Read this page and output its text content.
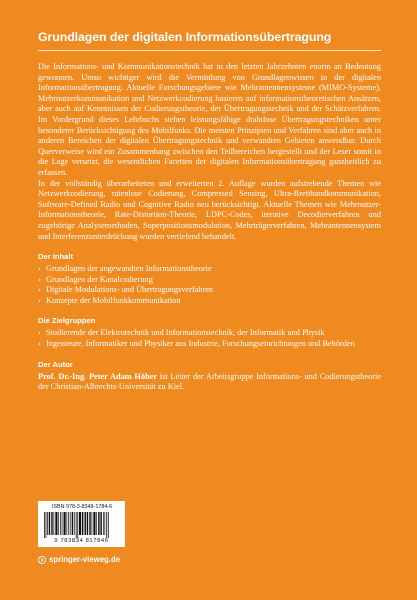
Grundlagen der digitalen Informationsübertragung

Die Informations- und Kommunikationstechnik hat in den letzten Jahrzehnten enorm an Bedeutung gewonnen. Umso wichtiger wird die Vermittlung von Grundlagenwissen in der digitalen Informationsübertragung. Aktuelle Forschungsgebiete wie Mehrantennensysteme (MIMO-Systeme), Mehrnutzerkommunikation und Netzwerkcodierung basieren auf informationstheoretischen Ansätzen, aber auch auf Kenntnissen der Codierungstheorie, der Übertragungstechnik und der Schätzverfahren. Im Vordergrund dieses Lehrbuchs stehen leistungsfähige drahtlose Übertragungstechniken unter besonderer Berücksichtigung des Mobilfunks. Die meisten Prinzipien und Verfahren sind aber auch in anderen Bereichen der digitalen Übertragungstechnik und verwandten Gebieten anwendbar. Durch Querverweise wird ein Zusammenhang zwischen den Teilbereichen hergestellt und der Leser somit in die Lage versetzt, die wesentlichen Facetten der digitalen Informationsübertragung ganzheitlich zu erfassen.

In der vollständig überarbeiteten und erweiterten 2. Auflage wurden aufstrebende Themen wie Netzwerkcodierung, ratenlose Codierung, Compressed Sensing, Ultra-Breitbandkommunikation, Software-Defined Radio und Cognitive Radio neu berücksichtigt. Aktuelle Themen wie Mehrnutzer-Informationstheorie, Rate-Distortion-Theorie, LDPC-Codes, iterative Decodierverfahren und zugehörige Analysemethoden, Superpositionsmodulation, Mehrträgerverfahren, Mehrantennensystem und Interferenzunterdrückung wurden vertiefend behandelt.

Der Inhalt
› Grundlagen der angewandten Informationstheorie
› Grundlagen der Kanalcodierung
› Digitale Modulations- und Übertragungsverfahren
› Konzepte der Mobilfunkkommunikation
Die Zielgruppen
› Studierende der Elektrotechnik und Informationstechnik, der Informatik und Physik
› Ingenieure, Informatiker und Physiker aus Industrie, Forschungseinrichtungen und Behörden
Der Autor

Prof. Dr.-Ing. Peter Adam Höher ist Leiter der Arbeitsgruppe Informations- und Codierungstheorie der Christian-Albrechts-Universität zu Kiel.

ISBN 978-3-8348-1784-6
9 783834 817846
springer-vieweg.de
